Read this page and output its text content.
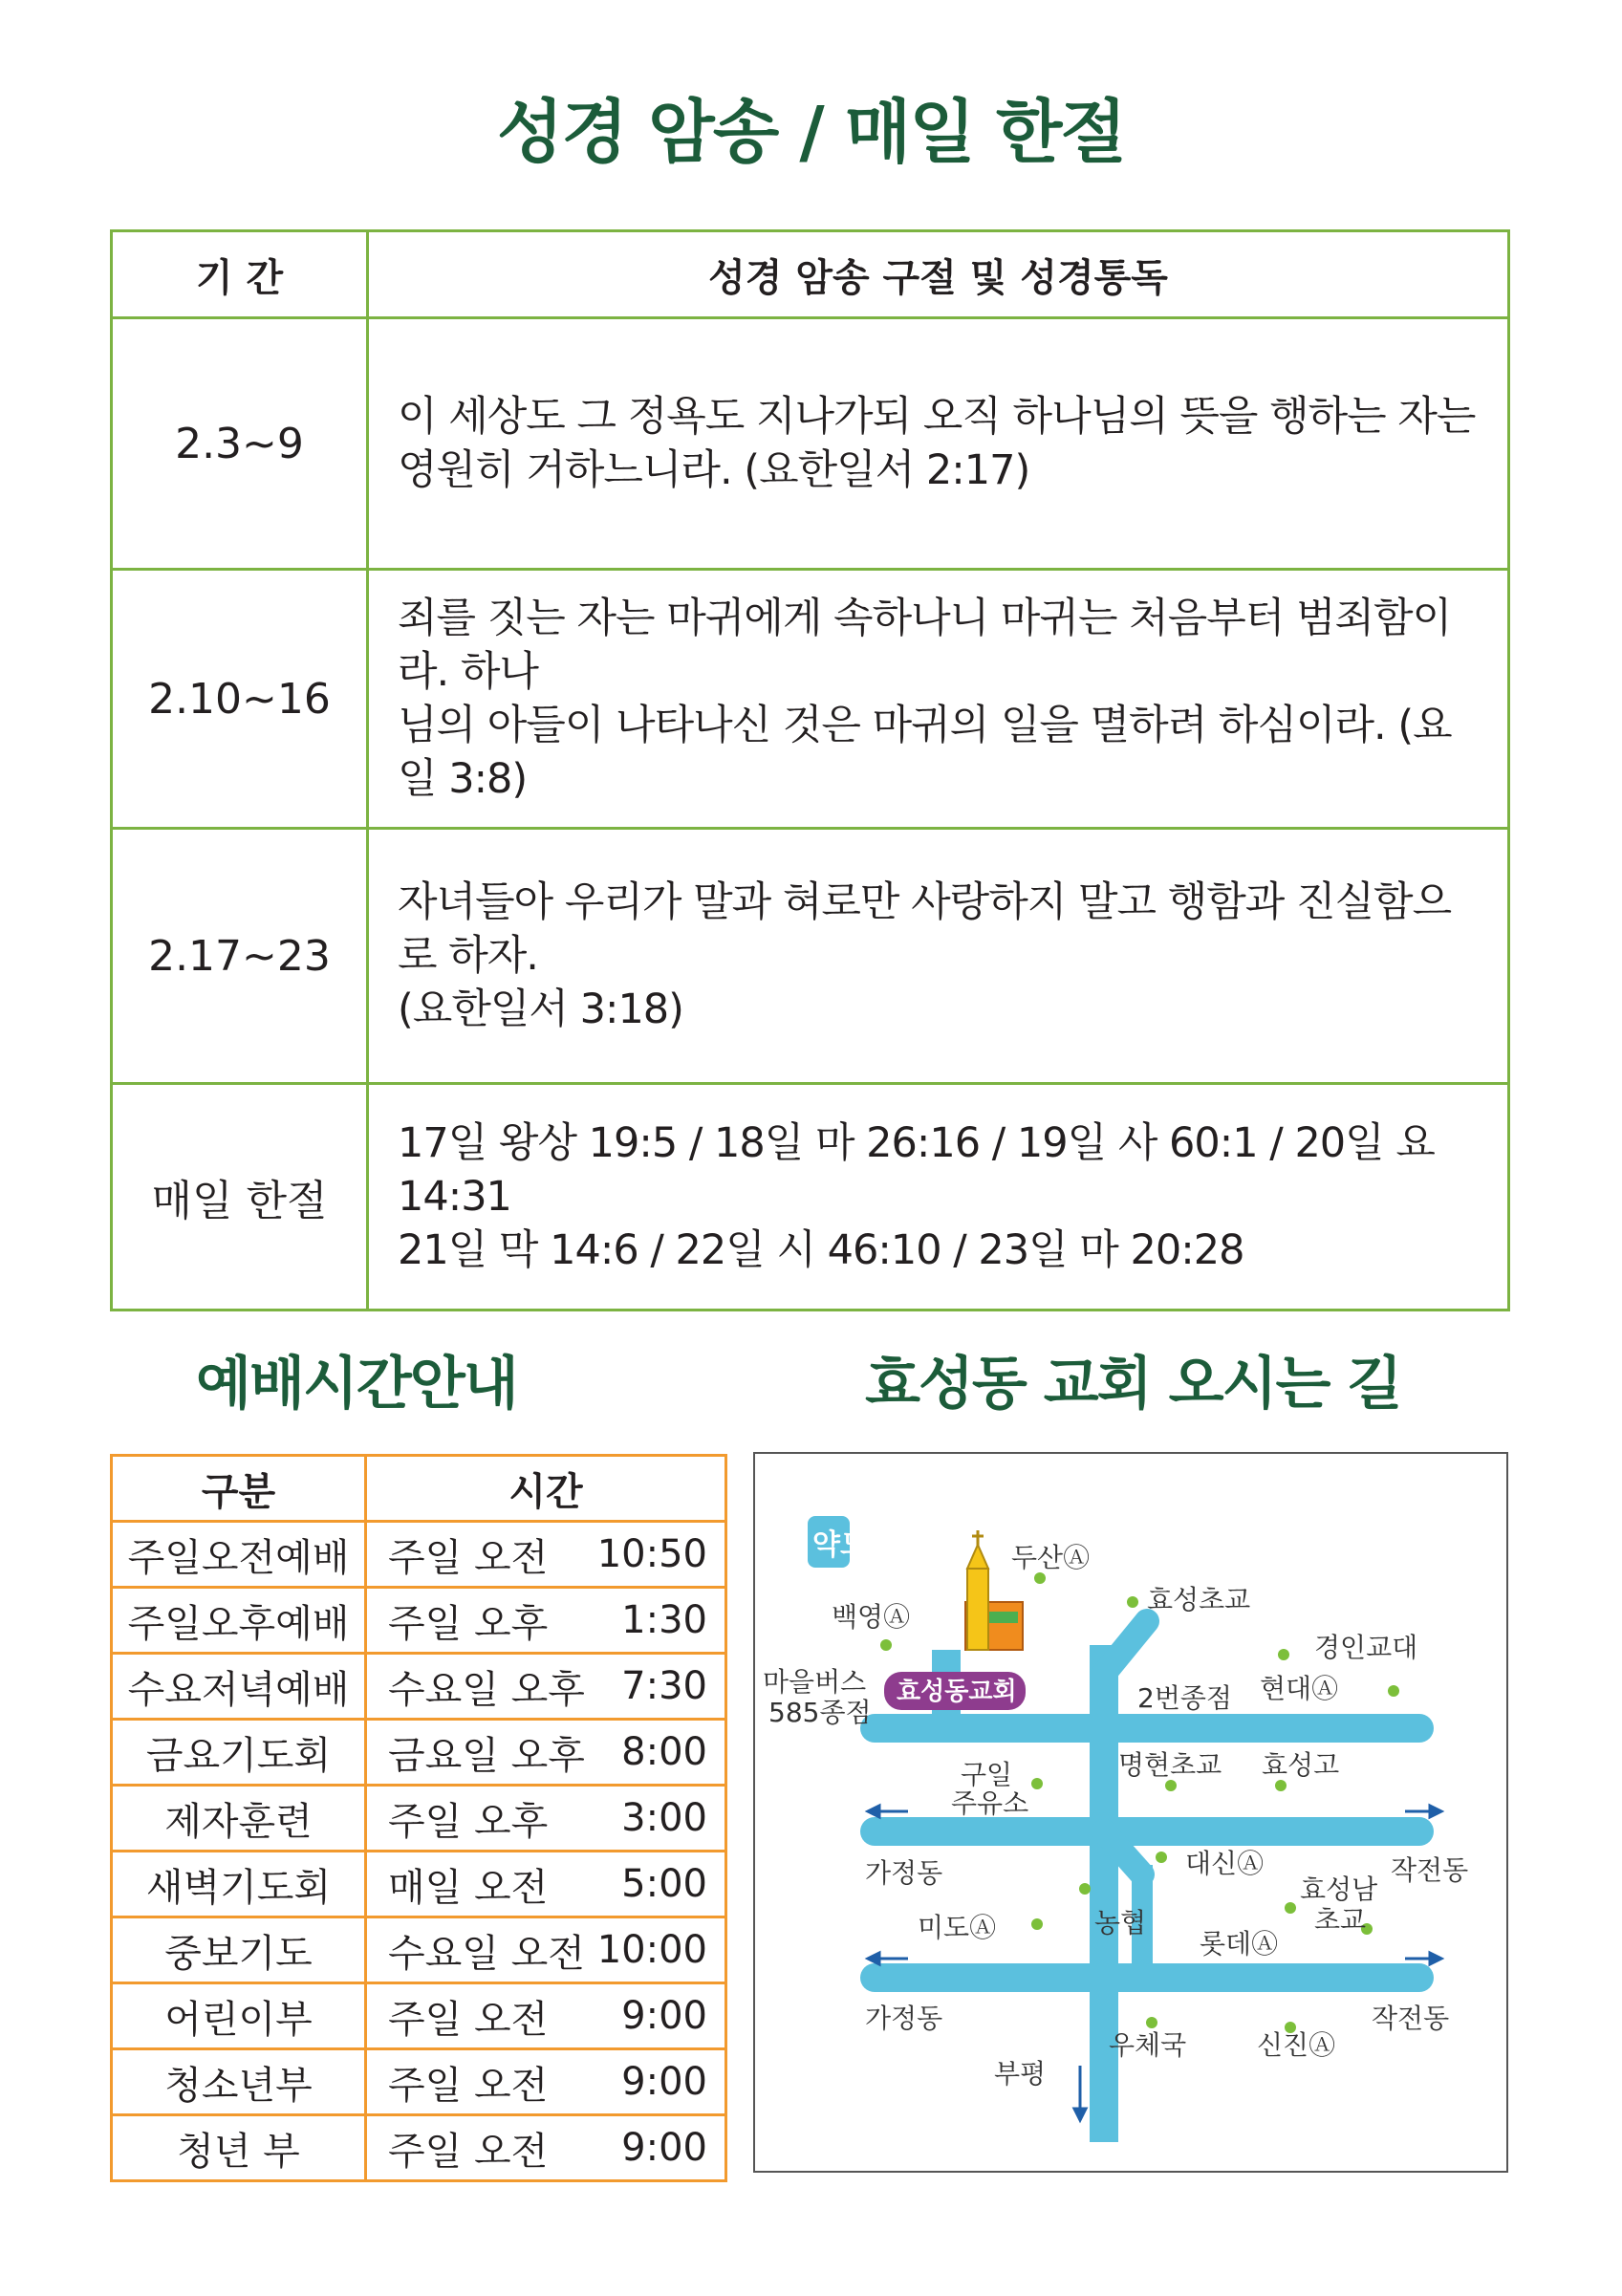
성경 암송 / 매일 한절
기 간	성경 암송 구절 및 성경통독
2.3~9	이 세상도 그 정욕도 지나가되 오직 하나님의 뜻을 행하는 자는
영원히 거하느니라. (요한일서 2:17)

2.10~16	죄를 짓는 자는 마귀에게 속하나니 마귀는 처음부터 범죄함이라. 하나
님의 아들이 나타나신 것은 마귀의 일을 멸하려 하심이라. (요일 3:8)

2.17~23	자녀들아 우리가 말과 혀로만 사랑하지 말고 행함과 진실함으로 하자.
(요한일서 3:18)

매일 한절	17일 왕상 19:5 / 18일 마 26:16 / 19일 사 60:1 / 20일 요 14:31
21일 막 14:6 / 22일 시 46:10 / 23일 마 20:28
예배시간안내	효성동 교회 오시는 길
구분	시간
주일오전예배	주일 오전 10:50

주일오후예배	주일 오후 1:30

수요저녁예배	수요일 오후 7:30

금요기도회	금요일 오후 8:00

제자훈련	주일 오후 3:00

새벽기도회	매일 오전 5:00

중보기도	수요일 오전 10:00

어린이부	주일 오전 9:00

청소년부	주일 오전 9:00

청년 부	주일 오전 9:00
약도
효성동교회
두산Ⓐ
효성초교
백영Ⓐ
경인교대
마을버스
585종점	2번종점 현대Ⓐ
구일
주유소
명현초교 효성고
가정동	작전동
대신Ⓐ
농협
미도Ⓐ
효성남
초교
롯데Ⓐ
가정동	작전동
우체국	신진Ⓐ
부평
